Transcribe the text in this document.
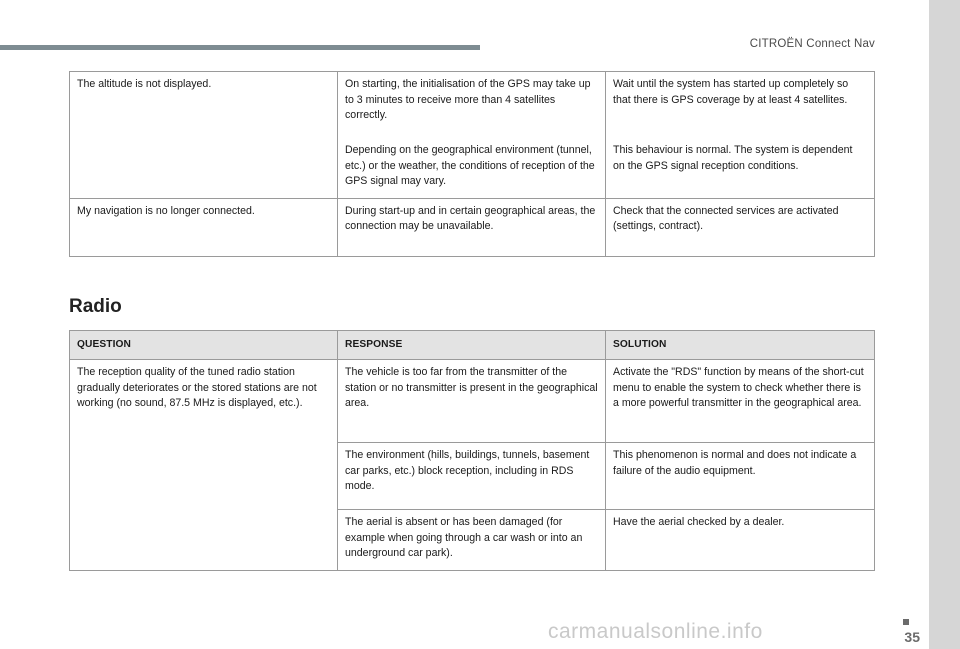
CITROËN Connect Nav
The altitude is not displayed.	On starting, the initialisation of the GPS may take up to 3 minutes to receive more than 4 satellites correctly.	Wait until the system has started up completely so that there is GPS coverage by at least 4 satellites.
	Depending on the geographical environment (tunnel, etc.) or the weather, the conditions of reception of the GPS signal may vary.	This behaviour is normal. The system is dependent on the GPS signal reception conditions.
My navigation is no longer connected.	During start-up and in certain geographical areas, the connection may be unavailable.	Check that the connected services are activated (settings, contract).
Radio
QUESTION	RESPONSE	SOLUTION
The reception quality of the tuned radio station gradually deteriorates or the stored stations are not working (no sound, 87.5 MHz is displayed, etc.).	The vehicle is too far from the transmitter of the station or no transmitter is present in the geographical area.	Activate the "RDS" function by means of the short-cut menu to enable the system to check whether there is a more powerful transmitter in the geographical area.
	The environment (hills, buildings, tunnels, basement car parks, etc.) block reception, including in RDS mode.	This phenomenon is normal and does not indicate a failure of the audio equipment.
	The aerial is absent or has been damaged (for example when going through a car wash or into an underground car park).	Have the aerial checked by a dealer.
carmanualsonline.info	35
